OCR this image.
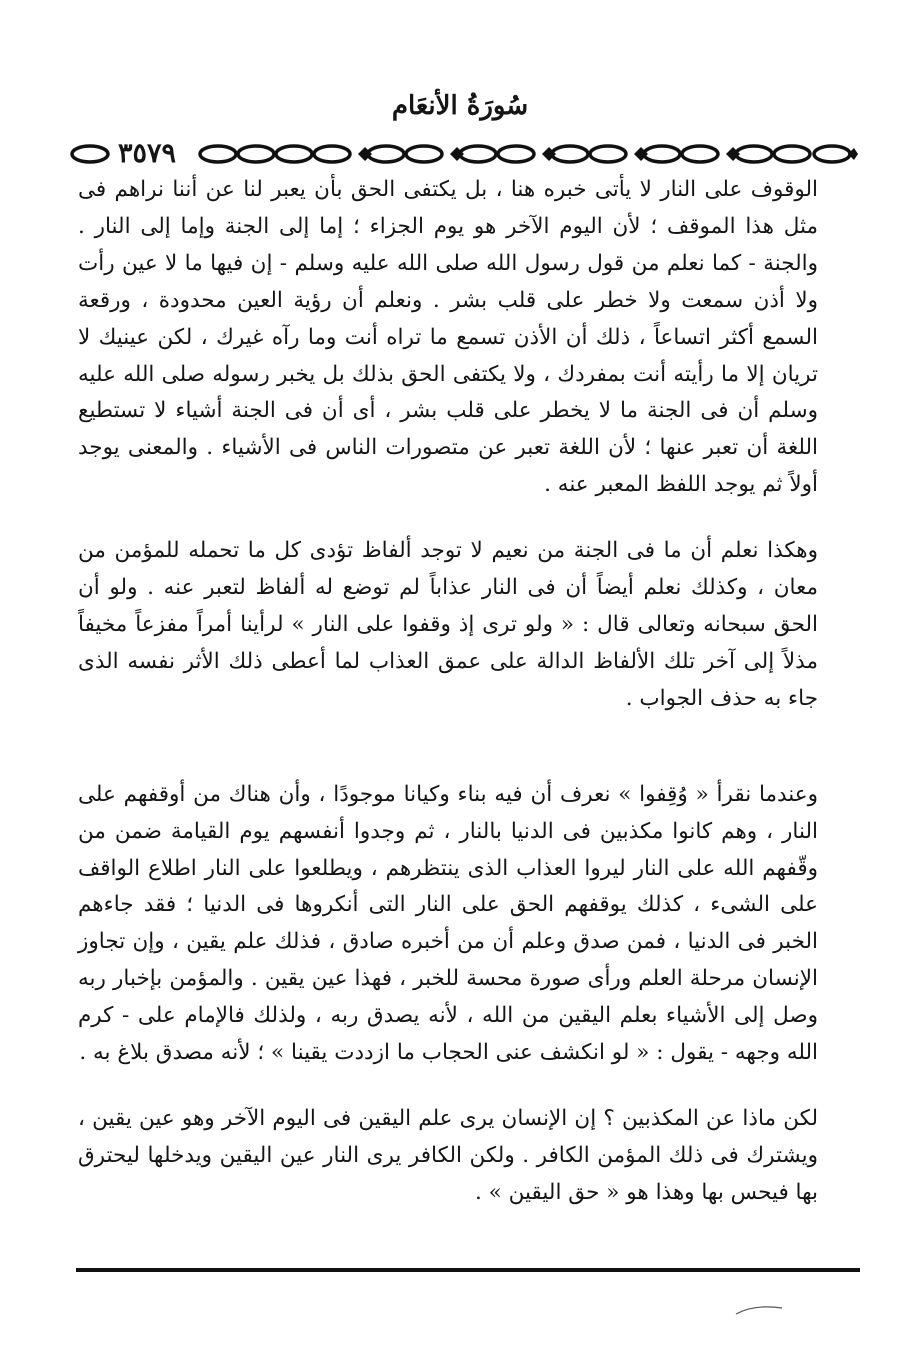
سُورَةُ الأنعَام
٣٥٧٩

الوقوف على النار لا يأتى خبره هنا ، بل يكتفى الحق بأن يعبر لنا عن أننا نراهم فى مثل هذا الموقف ؛ لأن اليوم الآخر هو يوم الجزاء ؛ إما إلى الجنة وإما إلى النار . والجنة - كما نعلم من قول رسول الله صلى الله عليه وسلم - إن فيها ما لا عين رأت ولا أذن سمعت ولا خطر على قلب بشر . ونعلم أن رؤية العين محدودة ، ورقعة السمع أكثر اتساعاً ، ذلك أن الأذن تسمع ما تراه أنت وما رآه غيرك ، لكن عينيك لا تريان إلا ما رأيته أنت بمفردك ، ولا يكتفى الحق بذلك بل يخبر رسوله صلى الله عليه وسلم أن فى الجنة ما لا يخطر على قلب بشر ، أى أن فى الجنة أشياء لا تستطيع اللغة أن تعبر عنها ؛ لأن اللغة تعبر عن متصورات الناس فى الأشياء . والمعنى يوجد أولاً ثم يوجد اللفظ المعبر عنه .

وهكذا نعلم أن ما فى الجنة من نعيم لا توجد ألفاظ تؤدى كل ما تحمله للمؤمن من معان ، وكذلك نعلم أيضاً أن فى النار عذاباً لم توضع له ألفاظ لتعبر عنه . ولو أن الحق سبحانه وتعالى قال : « ولو ترى إذ وقفوا على النار » لرأينا أمراً مفزعاً مخيفاً مذلاً إلى آخر تلك الألفاظ الدالة على عمق العذاب لما أعطى ذلك الأثر نفسه الذى جاء به حذف الجواب .

وعندما نقرأ « وُقِفوا » نعرف أن فيه بناء وكيانا موجودًا ، وأن هناك من أوقفهم على النار ، وهم كانوا مكذبين فى الدنيا بالنار ، ثم وجدوا أنفسهم يوم القيامة ضمن من وقّفهم الله على النار ليروا العذاب الذى ينتظرهم ، ويطلعوا على النار اطلاع الواقف على الشىء ، كذلك يوقفهم الحق على النار التى أنكروها فى الدنيا ؛ فقد جاءهم الخبر فى الدنيا ، فمن صدق وعلم أن من أخبره صادق ، فذلك علم يقين ، وإن تجاوز الإنسان مرحلة العلم ورأى صورة محسة للخبر ، فهذا عين يقين . والمؤمن بإخبار ربه وصل إلى الأشياء بعلم اليقين من الله ، لأنه يصدق ربه ، ولذلك فالإمام على - كرم الله وجهه - يقول : « لو انكشف عنى الحجاب ما ازددت يقينا » ؛ لأنه مصدق بلاغ به .

لكن ماذا عن المكذبين ؟ إن الإنسان يرى علم اليقين فى اليوم الآخر وهو عين يقين ، ويشترك فى ذلك المؤمن الكافر . ولكن الكافر يرى النار عين اليقين ويدخلها ليحترق بها فيحس بها وهذا هو « حق اليقين » .
